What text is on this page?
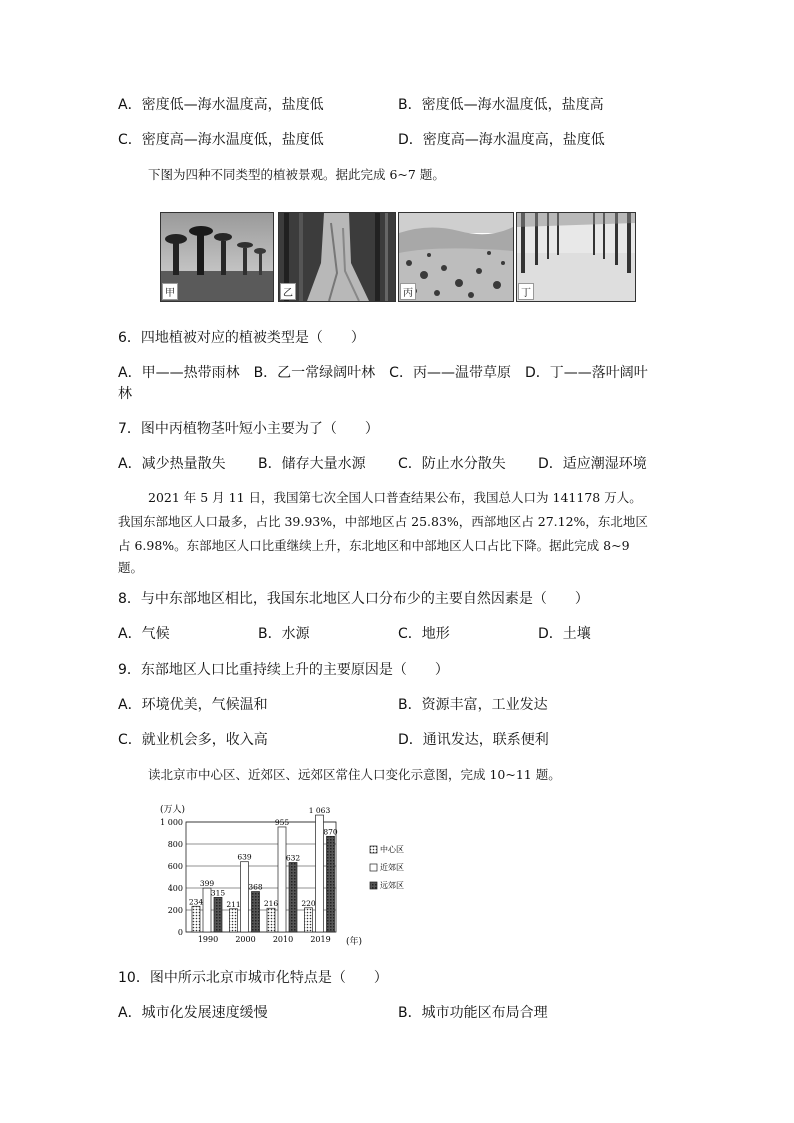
A．密度低—海水温度高，盐度低	B．密度低—海水温度低，盐度高
C．密度高—海水温度低，盐度低	D．密度高—海水温度高，盐度低
下图为四种不同类型的植被景观。据此完成 6~7 题。
甲	乙	丙	丁
6．四地植被对应的植被类型是（　　）
A．甲——热带雨林　B．乙一常绿阔叶林　C．丙——温带草原　D．丁——落叶阔叶
林
7．图中丙植物茎叶短小主要为了（　　）
A．减少热量散失 B．储存大量水源 C．防止水分散失 D．适应潮湿环境
2021 年 5 月 11 日，我国第七次全国人口普查结果公布，我国总人口为 141178 万人。
我国东部地区人口最多，占比 39.93%，中部地区占 25.83%，西部地区占 27.12%，东北地区
占 6.98%。东部地区人口比重继续上升，东北地区和中部地区人口占比下降。据此完成 8~9
题。
8．与中东部地区相比，我国东北地区人口分布少的主要自然因素是（　　）
A．气候	B．水源	C．地形	D．土壤
9．东部地区人口比重持续上升的主要原因是（　　）
A．环境优美，气候温和	B．资源丰富，工业发达
C．就业机会多，收入高	D．通讯发达，联系便利
读北京市中心区、近郊区、远郊区常住人口变化示意图，完成 10~11 题。
0
200
400
600
800
1 000
234
399
315
1990
211
639
368
2000
216
955
632
2010
220
1 063
870
2019
中心区
近郊区
远郊区
(万人)
(年)
10．图中所示北京市城市化特点是（　　）
A．城市化发展速度缓慢	B．城市功能区布局合理
